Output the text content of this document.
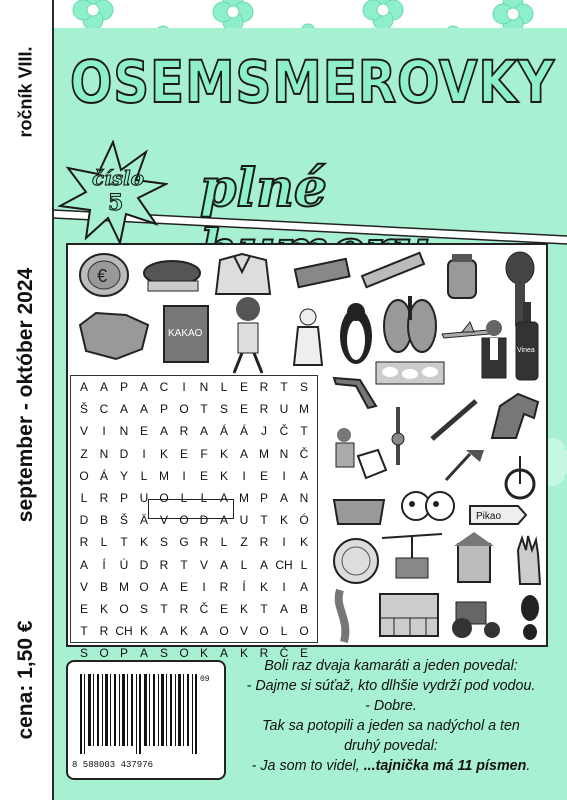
OSEMSMEROVKY
plné
číslo
5
€
KAKAO
Vinea
Pikao
A A P A C	I	N	L	E R	T	S
Š C A A P O T	S E R U M
V	I	N E A R A Á Á	J	Č	T
Z N D	I	K E	F	K A M N Č
O Á Y	L M	I	E K	I	E	I	A
L	R P U O L	L	A M P A N
D B Š Ä V O D A U	T	K Ó
R	L	T	K S G R	L	Z R	I	K
A	Í	Ú D R	T	V A	L	A CH L
V B M O A E	I	R	Í	K	I	A
E K O S	T R Č E K	T	A B
T R CH K A K A O V O L O
S O P A S O K A K R Č E
09
8 588003 437976
Boli raz dvaja kamaráti a jeden povedal:
- Dajme si súťaž, kto dlhšie vydrží pod vodou.
- Dobre.
Tak sa potopili a jeden sa nadýchol a ten
druhý povedal:
- Ja som to videl, ...tajnička má 11 písmen.
ročník VIII.
september - október 2024
cena: 1,50 €
